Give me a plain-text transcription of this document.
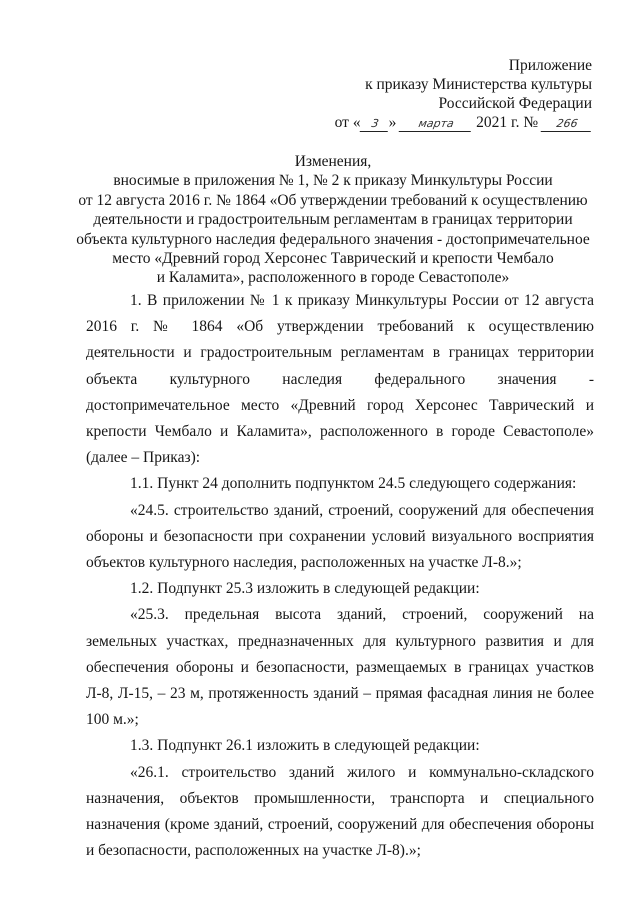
Приложение
к приказу Министерства культуры
Российской Федерации
от « 3 » марта 2021 г. № 266
Изменения,
вносимые в приложения № 1, № 2 к приказу Минкультуры России
от 12 августа 2016 г. № 1864 «Об утверждении требований к осуществлению
деятельности и градостроительным регламентам в границах территории
объекта культурного наследия федерального значения - достопримечательное
место «Древний город Херсонес Таврический и крепости Чембало
и Каламита», расположенного в городе Севастополе»

1. В приложении № 1 к приказу Минкультуры России от 12 августа 2016 г. № 1864 «Об утверждении требований к осуществлению деятельности и градостроительным регламентам в границах территории объекта культурного наследия федерального значения - достопримечательное место «Древний город Херсонес Таврический и крепости Чембало и Каламита», расположенного в городе Севастополе» (далее – Приказ):

1.1. Пункт 24 дополнить подпунктом 24.5 следующего содержания:

«24.5. строительство зданий, строений, сооружений для обеспечения обороны и безопасности при сохранении условий визуального восприятия объектов культурного наследия, расположенных на участке Л-8.»;

1.2. Подпункт 25.3 изложить в следующей редакции:

«25.3. предельная высота зданий, строений, сооружений на земельных участках, предназначенных для культурного развития и для обеспечения обороны и безопасности, размещаемых в границах участков Л-8, Л-15, – 23 м, протяженность зданий – прямая фасадная линия не более 100 м.»;

1.3. Подпункт 26.1 изложить в следующей редакции:

«26.1. строительство зданий жилого и коммунально-складского назначения, объектов промышленности, транспорта и специального назначения (кроме зданий, строений, сооружений для обеспечения обороны и безопасности, расположенных на участке Л-8).»;
